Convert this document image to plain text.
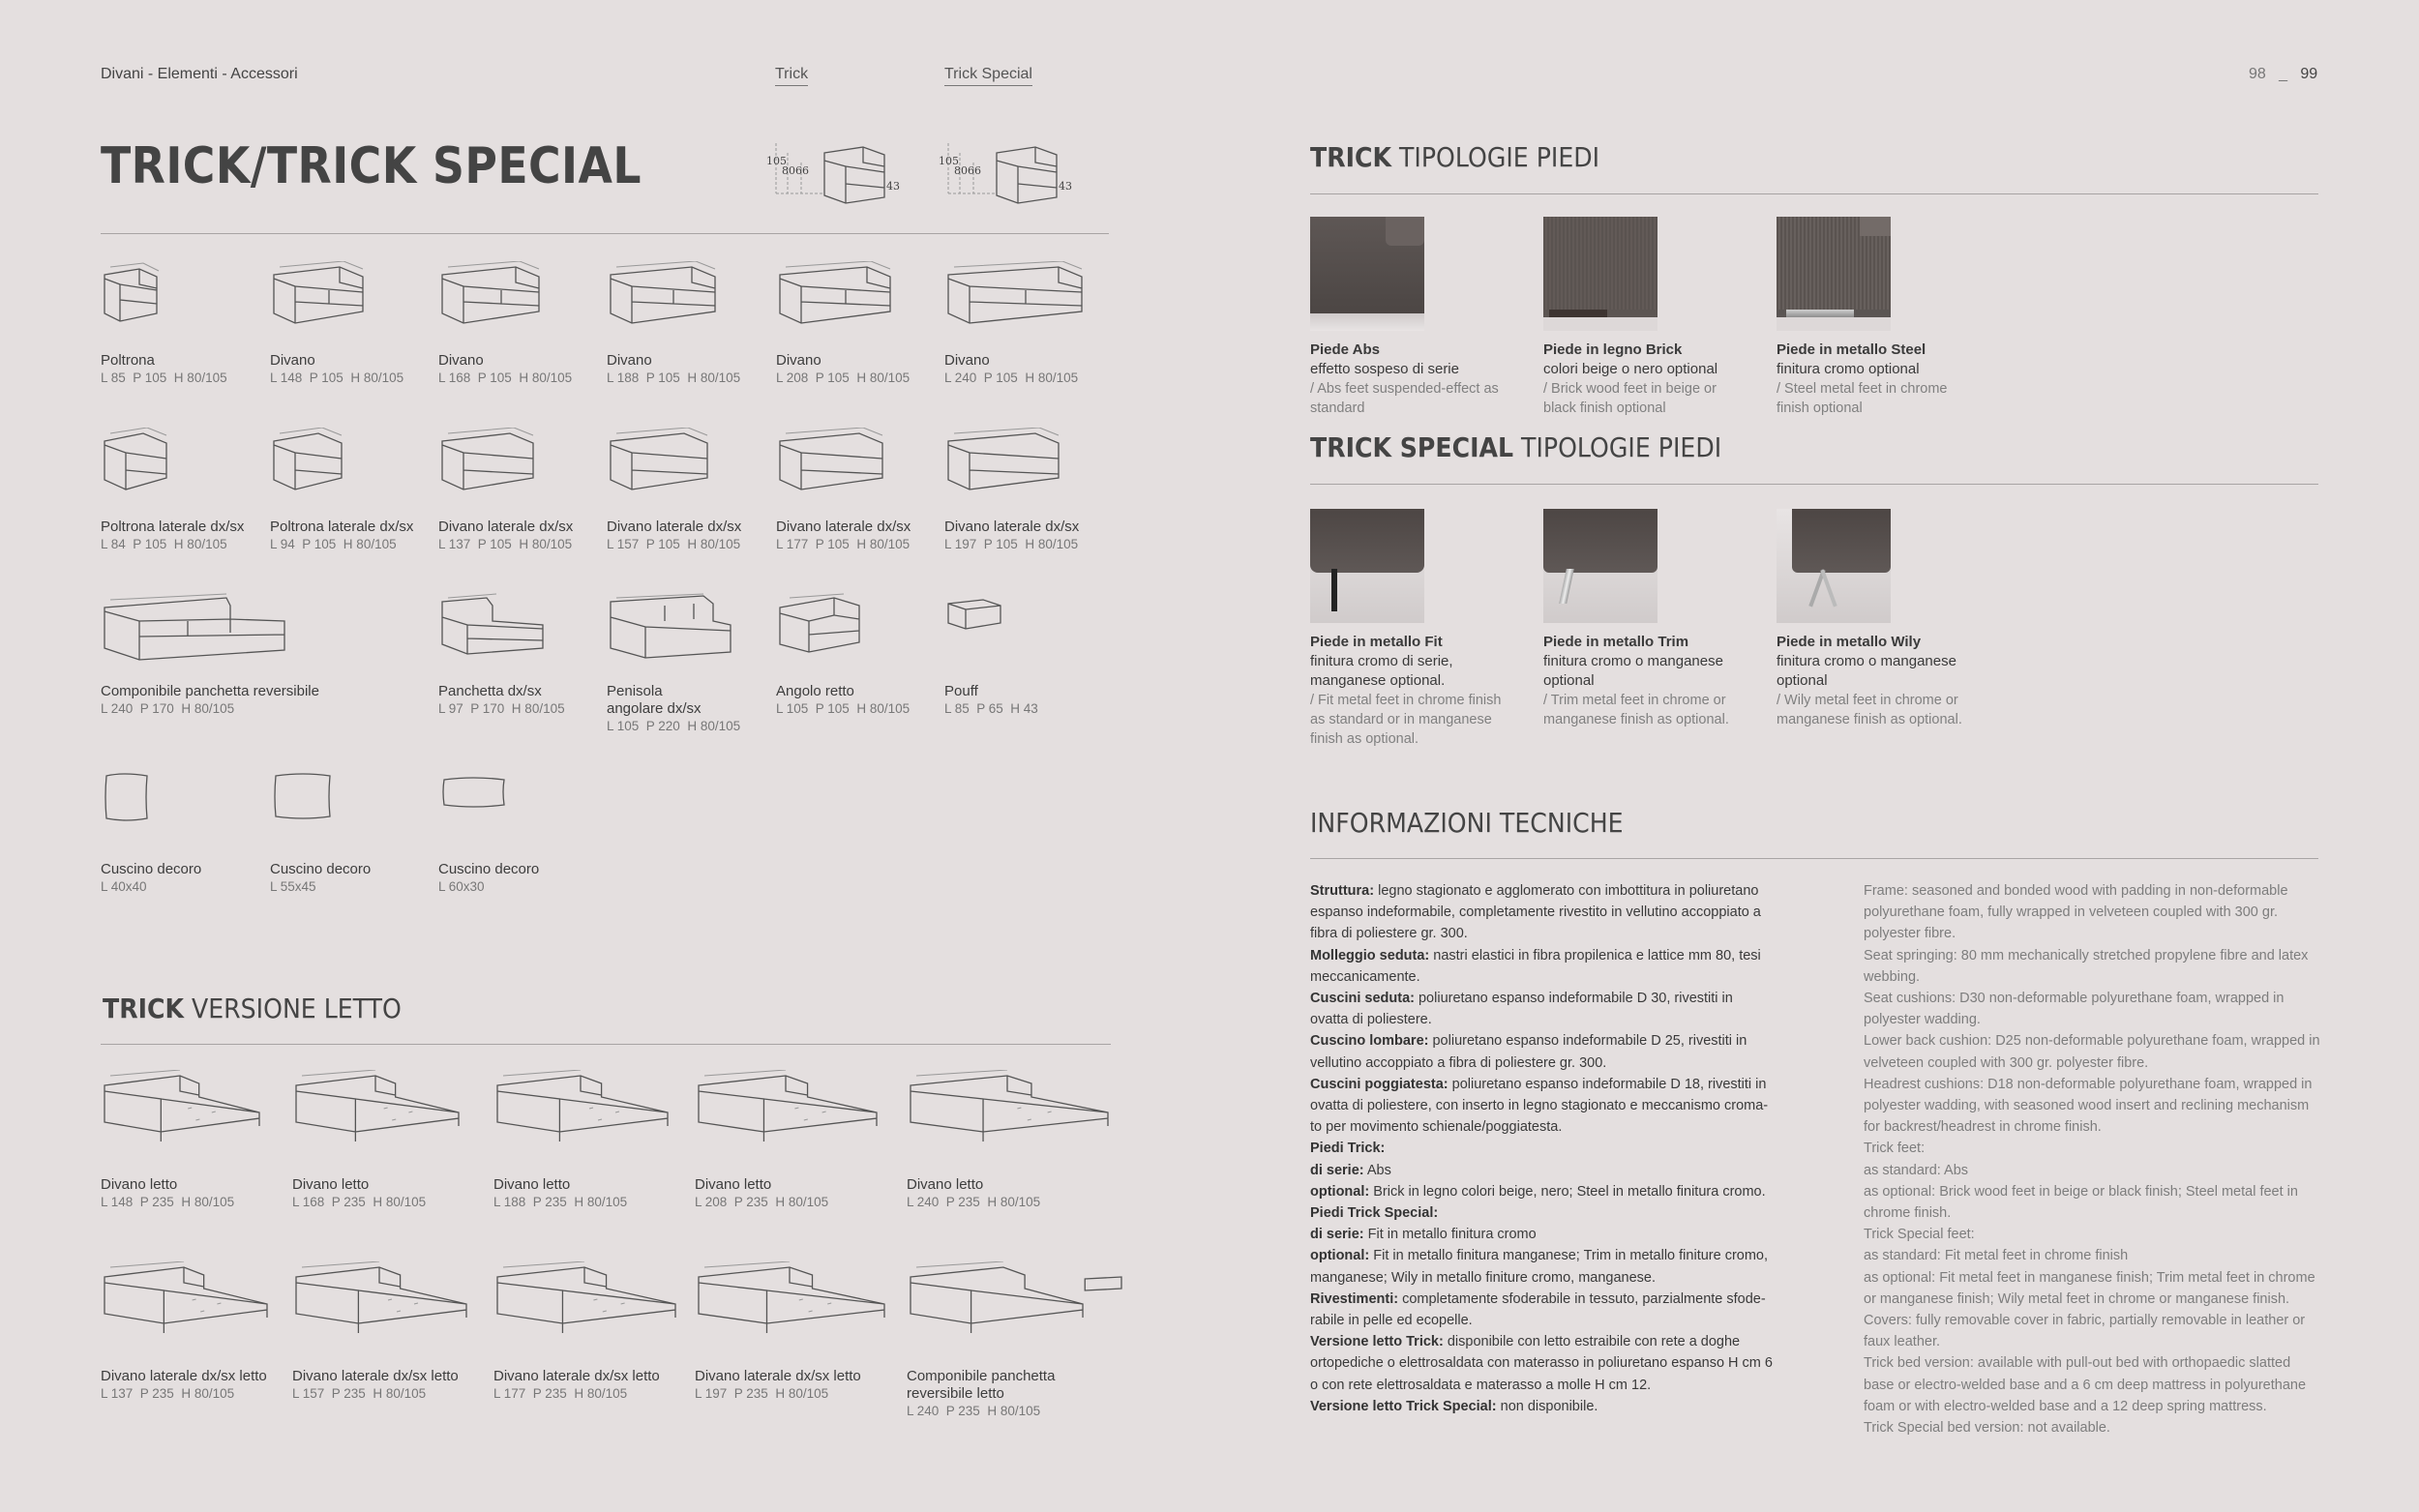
Divani - Elementi - Accessori	Trick	Trick Special	98 _ 99
TRICK/TRICK SPECIAL	105
80 66
43
105
80 66
43
Poltrona
L 85  P 105  H 80/105
Divano
L 148  P 105  H 80/105
Divano
L 168  P 105  H 80/105
Divano
L 188  P 105  H 80/105
Divano
L 208  P 105  H 80/105
Divano
L 240  P 105  H 80/105
Poltrona laterale dx/sx
L 84  P 105  H 80/105
Poltrona laterale dx/sx
L 94  P 105  H 80/105
Divano laterale dx/sx
L 137  P 105  H 80/105
Divano laterale dx/sx
L 157  P 105  H 80/105
Divano laterale dx/sx
L 177  P 105  H 80/105
Divano laterale dx/sx
L 197  P 105  H 80/105
Componibile panchetta reversibile
L 240  P 170  H 80/105
Panchetta dx/sx
L 97  P 170  H 80/105
Penisola angolare dx/sx
L 105  P 220  H 80/105
Angolo retto
L 105  P 105  H 80/105
Pouff
L 85  P 65  H 43
Cuscino decoro
L 40x40
Cuscino decoro
L 55x45
Cuscino decoro
L 60x30
TRICK VERSIONE LETTO
Divano letto
L 148  P 235  H 80/105
Divano letto
L 168  P 235  H 80/105
Divano letto
L 188  P 235  H 80/105
Divano letto
L 208  P 235  H 80/105
Divano letto
L 240  P 235  H 80/105
Divano laterale dx/sx letto
L 137  P 235  H 80/105
Divano laterale dx/sx letto
L 157  P 235  H 80/105
Divano laterale dx/sx letto
L 177  P 235  H 80/105
Divano laterale dx/sx letto
L 197  P 235  H 80/105
Componibile panchetta reversibile letto
L 240  P 235  H 80/105
TRICK TIPOLOGIE PIEDI
Piede Abs
effetto sospeso di serie
/ Abs feet suspended-effect as standard
Piede in legno Brick
colori beige o nero optional
/ Brick wood feet in beige or black finish optional
Piede in metallo Steel
finitura cromo optional
/ Steel metal feet in chrome finish optional
TRICK SPECIAL TIPOLOGIE PIEDI
Piede in metallo Fit
finitura cromo di serie, manganese optional.
/ Fit metal feet in chrome finish as standard or in manganese finish as optional.
Piede in metallo Trim
finitura cromo o manganese optional
/ Trim metal feet in chrome or manganese finish as optional.
Piede in metallo Wily
finitura cromo o manganese optional
/ Wily metal feet in chrome or manganese finish as optional.
INFORMAZIONI TECNICHE
Struttura: legno stagionato e agglomerato con imbottitura in poliuretano espanso indeformabile, completamente rivestito in vellutino accoppiato a fibra di poliestere gr. 300.
Molleggio seduta: nastri elastici in fibra propilenica e lattice mm 80, tesi meccanicamente.
Cuscini seduta: poliuretano espanso indeformabile D 30, rivestiti in ovatta di poliestere.
Cuscino lombare: poliuretano espanso indeformabile D 25, rivestiti in vellutino accoppiato a fibra di poliestere gr. 300.
Cuscini poggiatesta: poliuretano espanso indeformabile D 18, rivestiti in ovatta di poliestere, con inserto in legno stagionato e meccanismo croma-to per movimento schienale/poggiatesta.
Piedi Trick:
di serie: Abs
optional: Brick in legno colori beige, nero; Steel in metallo finitura cromo.
Piedi Trick Special:
di serie: Fit in metallo finitura cromo
optional: Fit in metallo finitura manganese; Trim in metallo finiture cromo, manganese; Wily in metallo finiture cromo, manganese.
Rivestimenti: completamente sfoderabile in tessuto, parzialmente sfode-rabile in pelle ed ecopelle.
Versione letto Trick: disponibile con letto estraibile con rete a doghe ortopediche o elettrosaldata con materasso in poliuretano espanso H cm 6 o con rete elettrosaldata e materasso a molle H cm 12.
Versione letto Trick Special: non disponibile.
Frame: seasoned and bonded wood with padding in non-deformable polyurethane foam, fully wrapped in velveteen coupled with 300 gr. polyester fibre.
Seat springing: 80 mm mechanically stretched propylene fibre and latex webbing.
Seat cushions: D30 non-deformable polyurethane foam, wrapped in polyester wadding.
Lower back cushion: D25 non-deformable polyurethane foam, wrapped in velveteen coupled with 300 gr. polyester fibre.
Headrest cushions: D18 non-deformable polyurethane foam, wrapped in polyester wadding, with seasoned wood insert and reclining mechanism for backrest/headrest in chrome finish.
Trick feet:
as standard: Abs
as optional: Brick wood feet in beige or black finish; Steel metal feet in chrome finish.
Trick Special feet:
as standard: Fit metal feet in chrome finish
as optional: Fit metal feet in manganese finish; Trim metal feet in chrome or manganese finish; Wily metal feet in chrome or manganese finish.
Covers: fully removable cover in fabric, partially removable in leather or faux leather.
Trick bed version: available with pull-out bed with orthopaedic slatted base or electro-welded base and a 6 cm deep mattress in polyurethane foam or with electro-welded base and a 12 deep spring mattress.
Trick Special bed version: not available.
